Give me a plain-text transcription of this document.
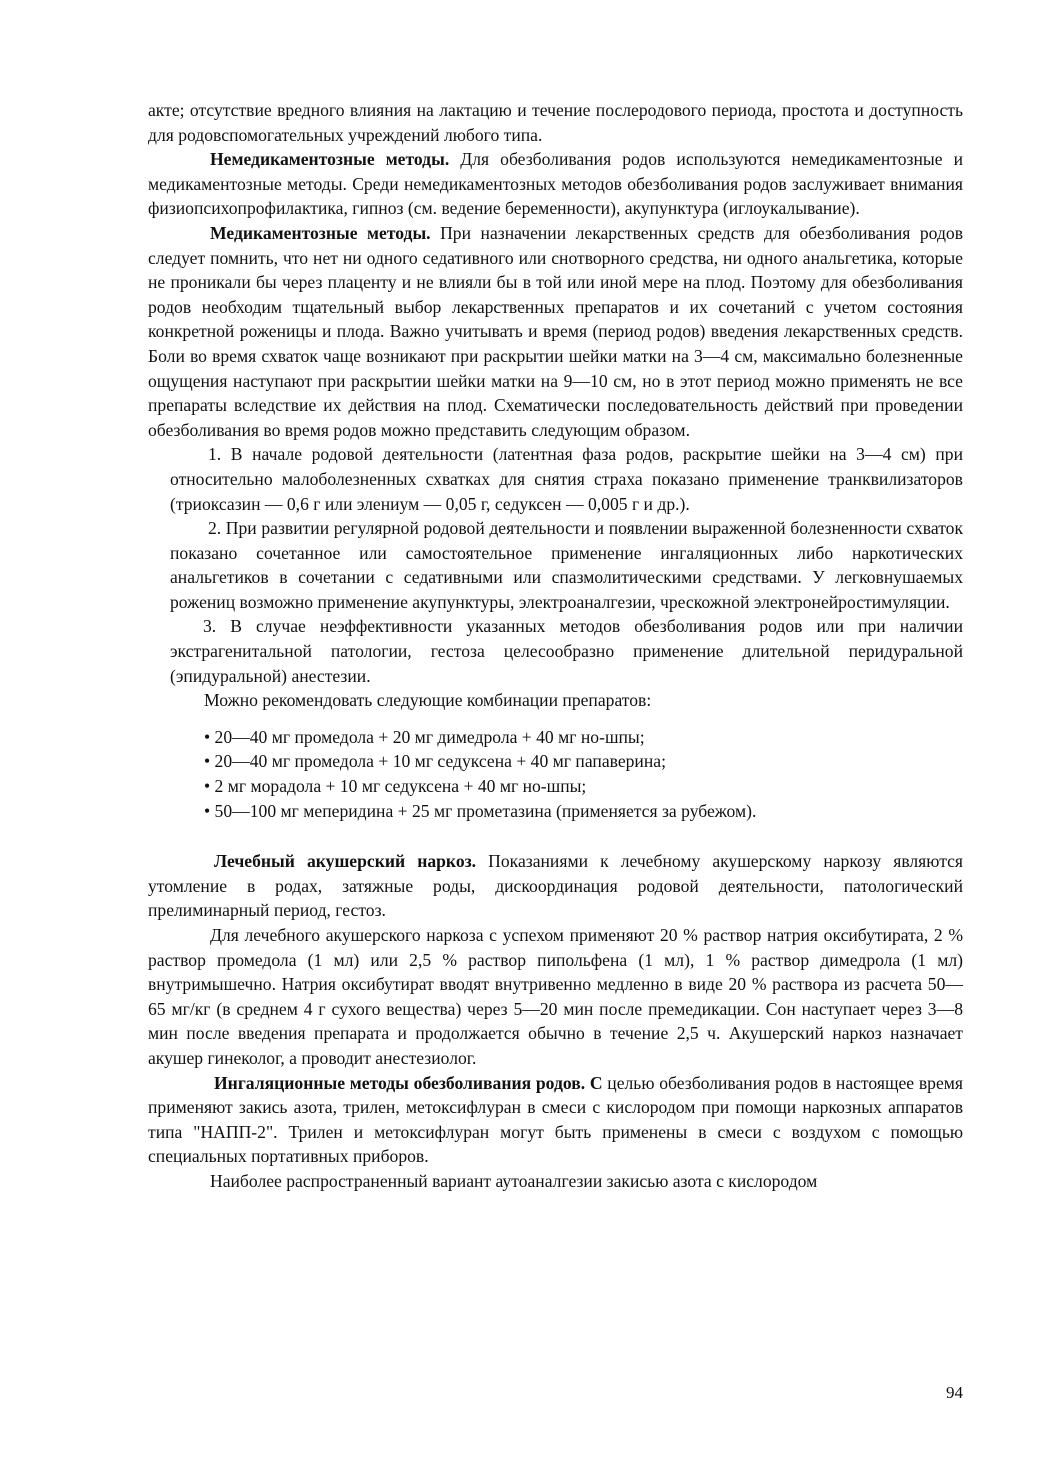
акте; отсутствие вредного влияния на лактацию и течение послеродового периода, простота и доступность для родовспомогательных учреждений любого типа.

Немедикаментозные методы. Для обезболивания родов используются немедикаментозные и медикаментозные методы. Среди немедикаментозных методов обезболивания родов заслуживает внимания физиопсихопрофилактика, гипноз (см. ведение беременности), акупунктура (иглоукалывание).

Медикаментозные методы. При назначении лекарственных средств для обезболивания родов следует помнить, что нет ни одного седативного или снотворного средства, ни одного анальгетика, которые не проникали бы через плаценту и не влияли бы в той или иной мере на плод. Поэтому для обезболивания родов необходим тщательный выбор лекарственных препаратов и их сочетаний с учетом состояния конкретной роженицы и плода. Важно учитывать и время (период родов) введения лекарственных средств. Боли во время схваток чаще возникают при раскрытии шейки матки на 3—4 см, максимально болезненные ощущения наступают при раскрытии шейки матки на 9—10 см, но в этот период можно применять не все препараты вследствие их действия на плод. Схематически последовательность действий при проведении обезболивания во время родов можно представить следующим образом.

1. В начале родовой деятельности (латентная фаза родов, раскрытие шейки на 3—4 см) при относительно малоболезненных схватках для снятия страха показано применение транквилизаторов (триоксазин — 0,6 г или элениум — 0,05 г, седуксен — 0,005 г и др.).

2. При развитии регулярной родовой деятельности и появлении выраженной болезненности схваток показано сочетанное или самостоятельное применение ингаляционных либо наркотических анальгетиков в сочетании с седативными или спазмолитическими средствами. У легковнушаемых рожениц возможно применение акупунктуры, электроаналгезии, чрескожной электронейростимуляции.

3. В случае неэффективности указанных методов обезболивания родов или при наличии экстрагенитальной патологии, гестоза целесообразно применение длительной перидуральной (эпидуральной) анестезии.

Можно рекомендовать следующие комбинации препаратов:

• 20—40 мг промедола + 20 мг димедрола + 40 мг но-шпы;
• 20—40 мг промедола + 10 мг седуксена + 40 мг папаверина;
• 2 мг морадола + 10 мг седуксена + 40 мг но-шпы;
• 50—100 мг меперидина + 25 мг прометазина (применяется за рубежом).

Лечебный акушерский наркоз. Показаниями к лечебному акушерскому наркозу являются утомление в родах, затяжные роды, дискоординация родовой деятельности, патологический прелиминарный период, гестоз.

Для лечебного акушерского наркоза с успехом применяют 20 % раствор натрия оксибутирата, 2 % раствор промедола (1 мл) или 2,5 % раствор пипольфена (1 мл), 1 % раствор димедрола (1 мл) внутримышечно. Натрия оксибутират вводят внутривенно медленно в виде 20 % раствора из расчета 50—65 мг/кг (в среднем 4 г сухого вещества) через 5—20 мин после премедикации. Сон наступает через 3—8 мин после введения препарата и продолжается обычно в течение 2,5 ч. Акушерский наркоз назначает акушер гинеколог, а проводит анестезиолог.

Ингаляционные методы обезболивания родов. С целью обезболивания родов в настоящее время применяют закись азота, трилен, метоксифлуран в смеси с кислородом при помощи наркозных аппаратов типа "НАПП-2". Трилен и метоксифлуран могут быть применены в смеси с воздухом с помощью специальных портативных приборов.

Наиболее распространенный вариант аутоаналгезии закисью азота с кислородом

94
